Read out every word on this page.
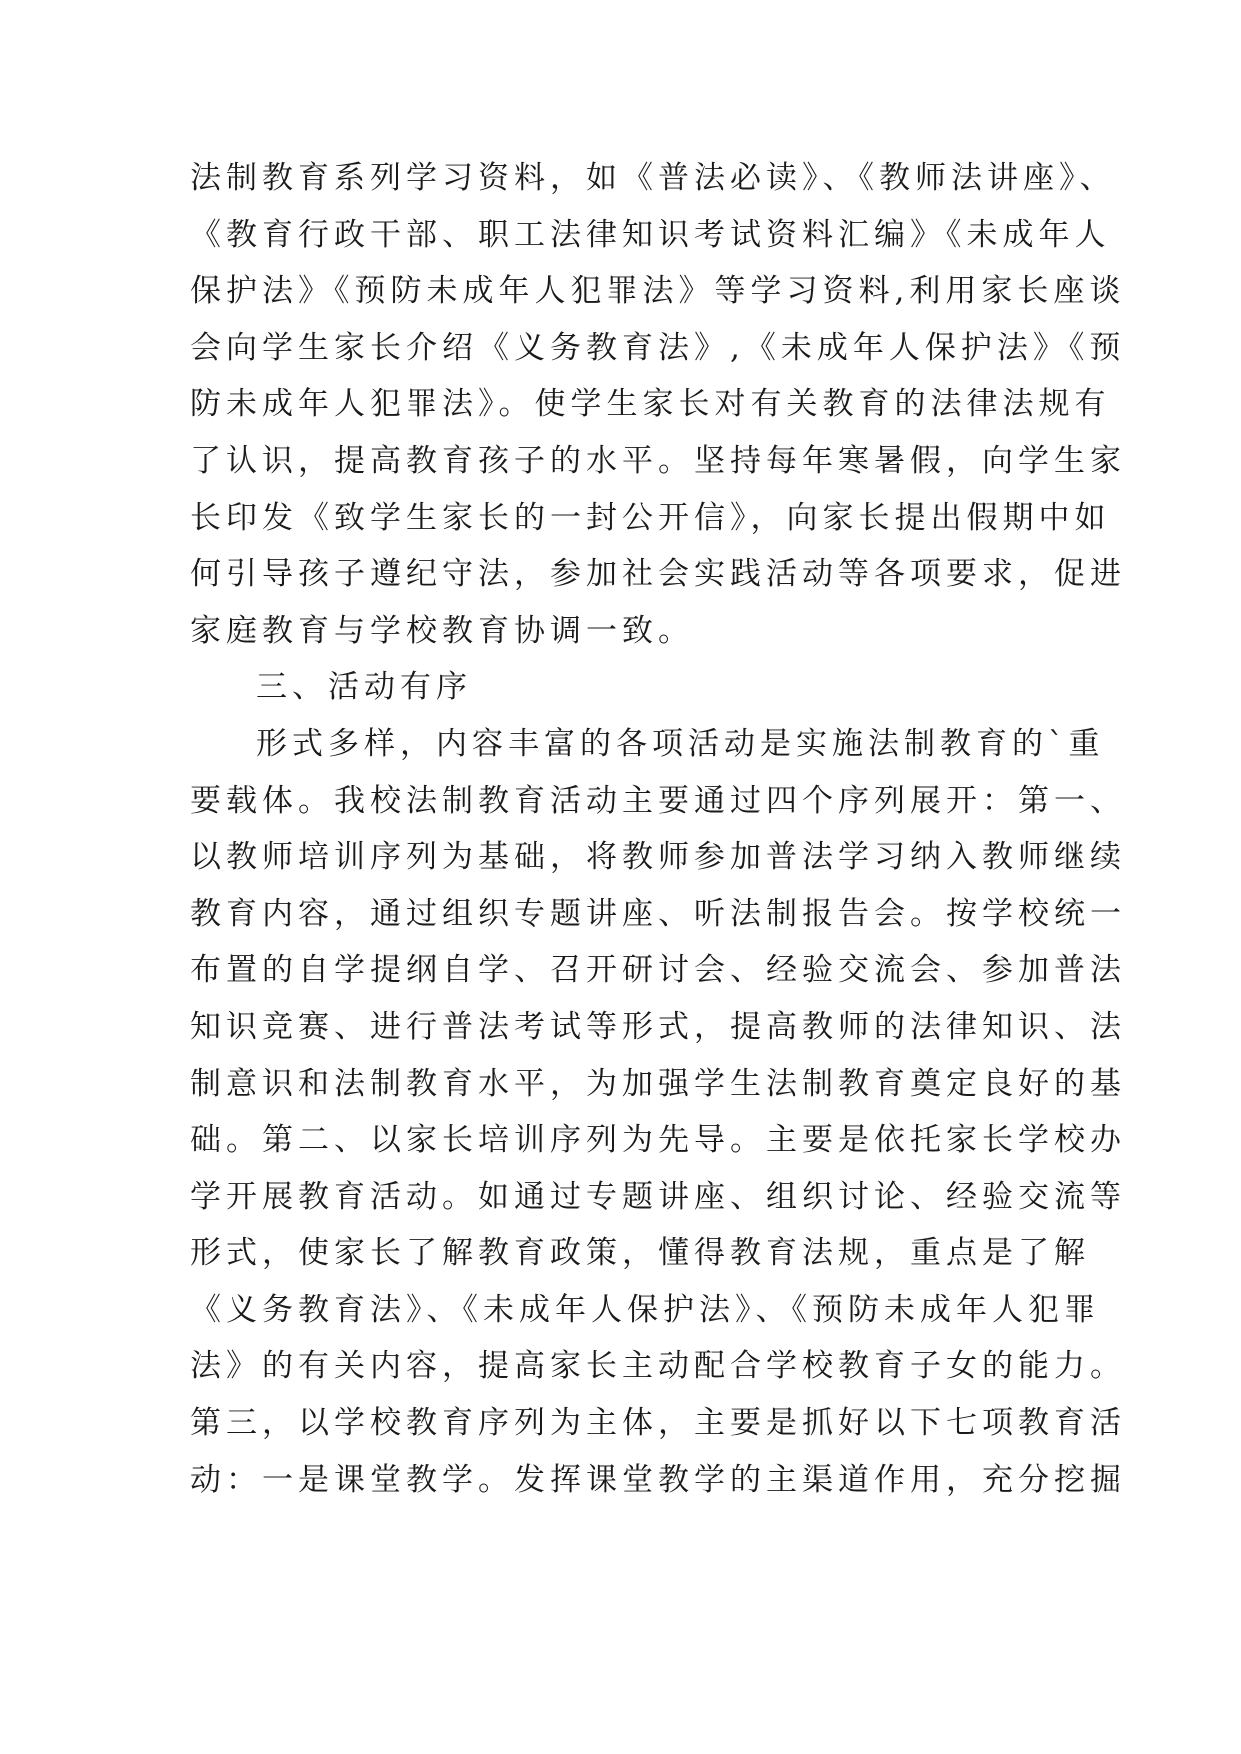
法制教育系列学习资料，如《普法必读》、《教师法讲座》、
《教育行政干部、职工法律知识考试资料汇编》《未成年人
保护法》《预防未成年人犯罪法》等学习资料,利用家长座谈
会向学生家长介绍《义务教育法》,《未成年人保护法》《预
防未成年人犯罪法》。使学生家长对有关教育的法律法规有
了认识，提高教育孩子的水平。坚持每年寒暑假，向学生家
长印发《致学生家长的一封公开信》，向家长提出假期中如
何引导孩子遵纪守法，参加社会实践活动等各项要求，促进
家庭教育与学校教育协调一致。
三、活动有序
形式多样，内容丰富的各项活动是实施法制教育的`重
要载体。我校法制教育活动主要通过四个序列展开：第一、
以教师培训序列为基础，将教师参加普法学习纳入教师继续
教育内容，通过组织专题讲座、听法制报告会。按学校统一
布置的自学提纲自学、召开研讨会、经验交流会、参加普法
知识竞赛、进行普法考试等形式，提高教师的法律知识、法
制意识和法制教育水平，为加强学生法制教育奠定良好的基
础。第二、以家长培训序列为先导。主要是依托家长学校办
学开展教育活动。如通过专题讲座、组织讨论、经验交流等
形式，使家长了解教育政策，懂得教育法规，重点是了解
《义务教育法》、《未成年人保护法》、《预防未成年人犯罪
法》的有关内容，提高家长主动配合学校教育子女的能力。
第三，以学校教育序列为主体，主要是抓好以下七项教育活
动：一是课堂教学。发挥课堂教学的主渠道作用，充分挖掘
